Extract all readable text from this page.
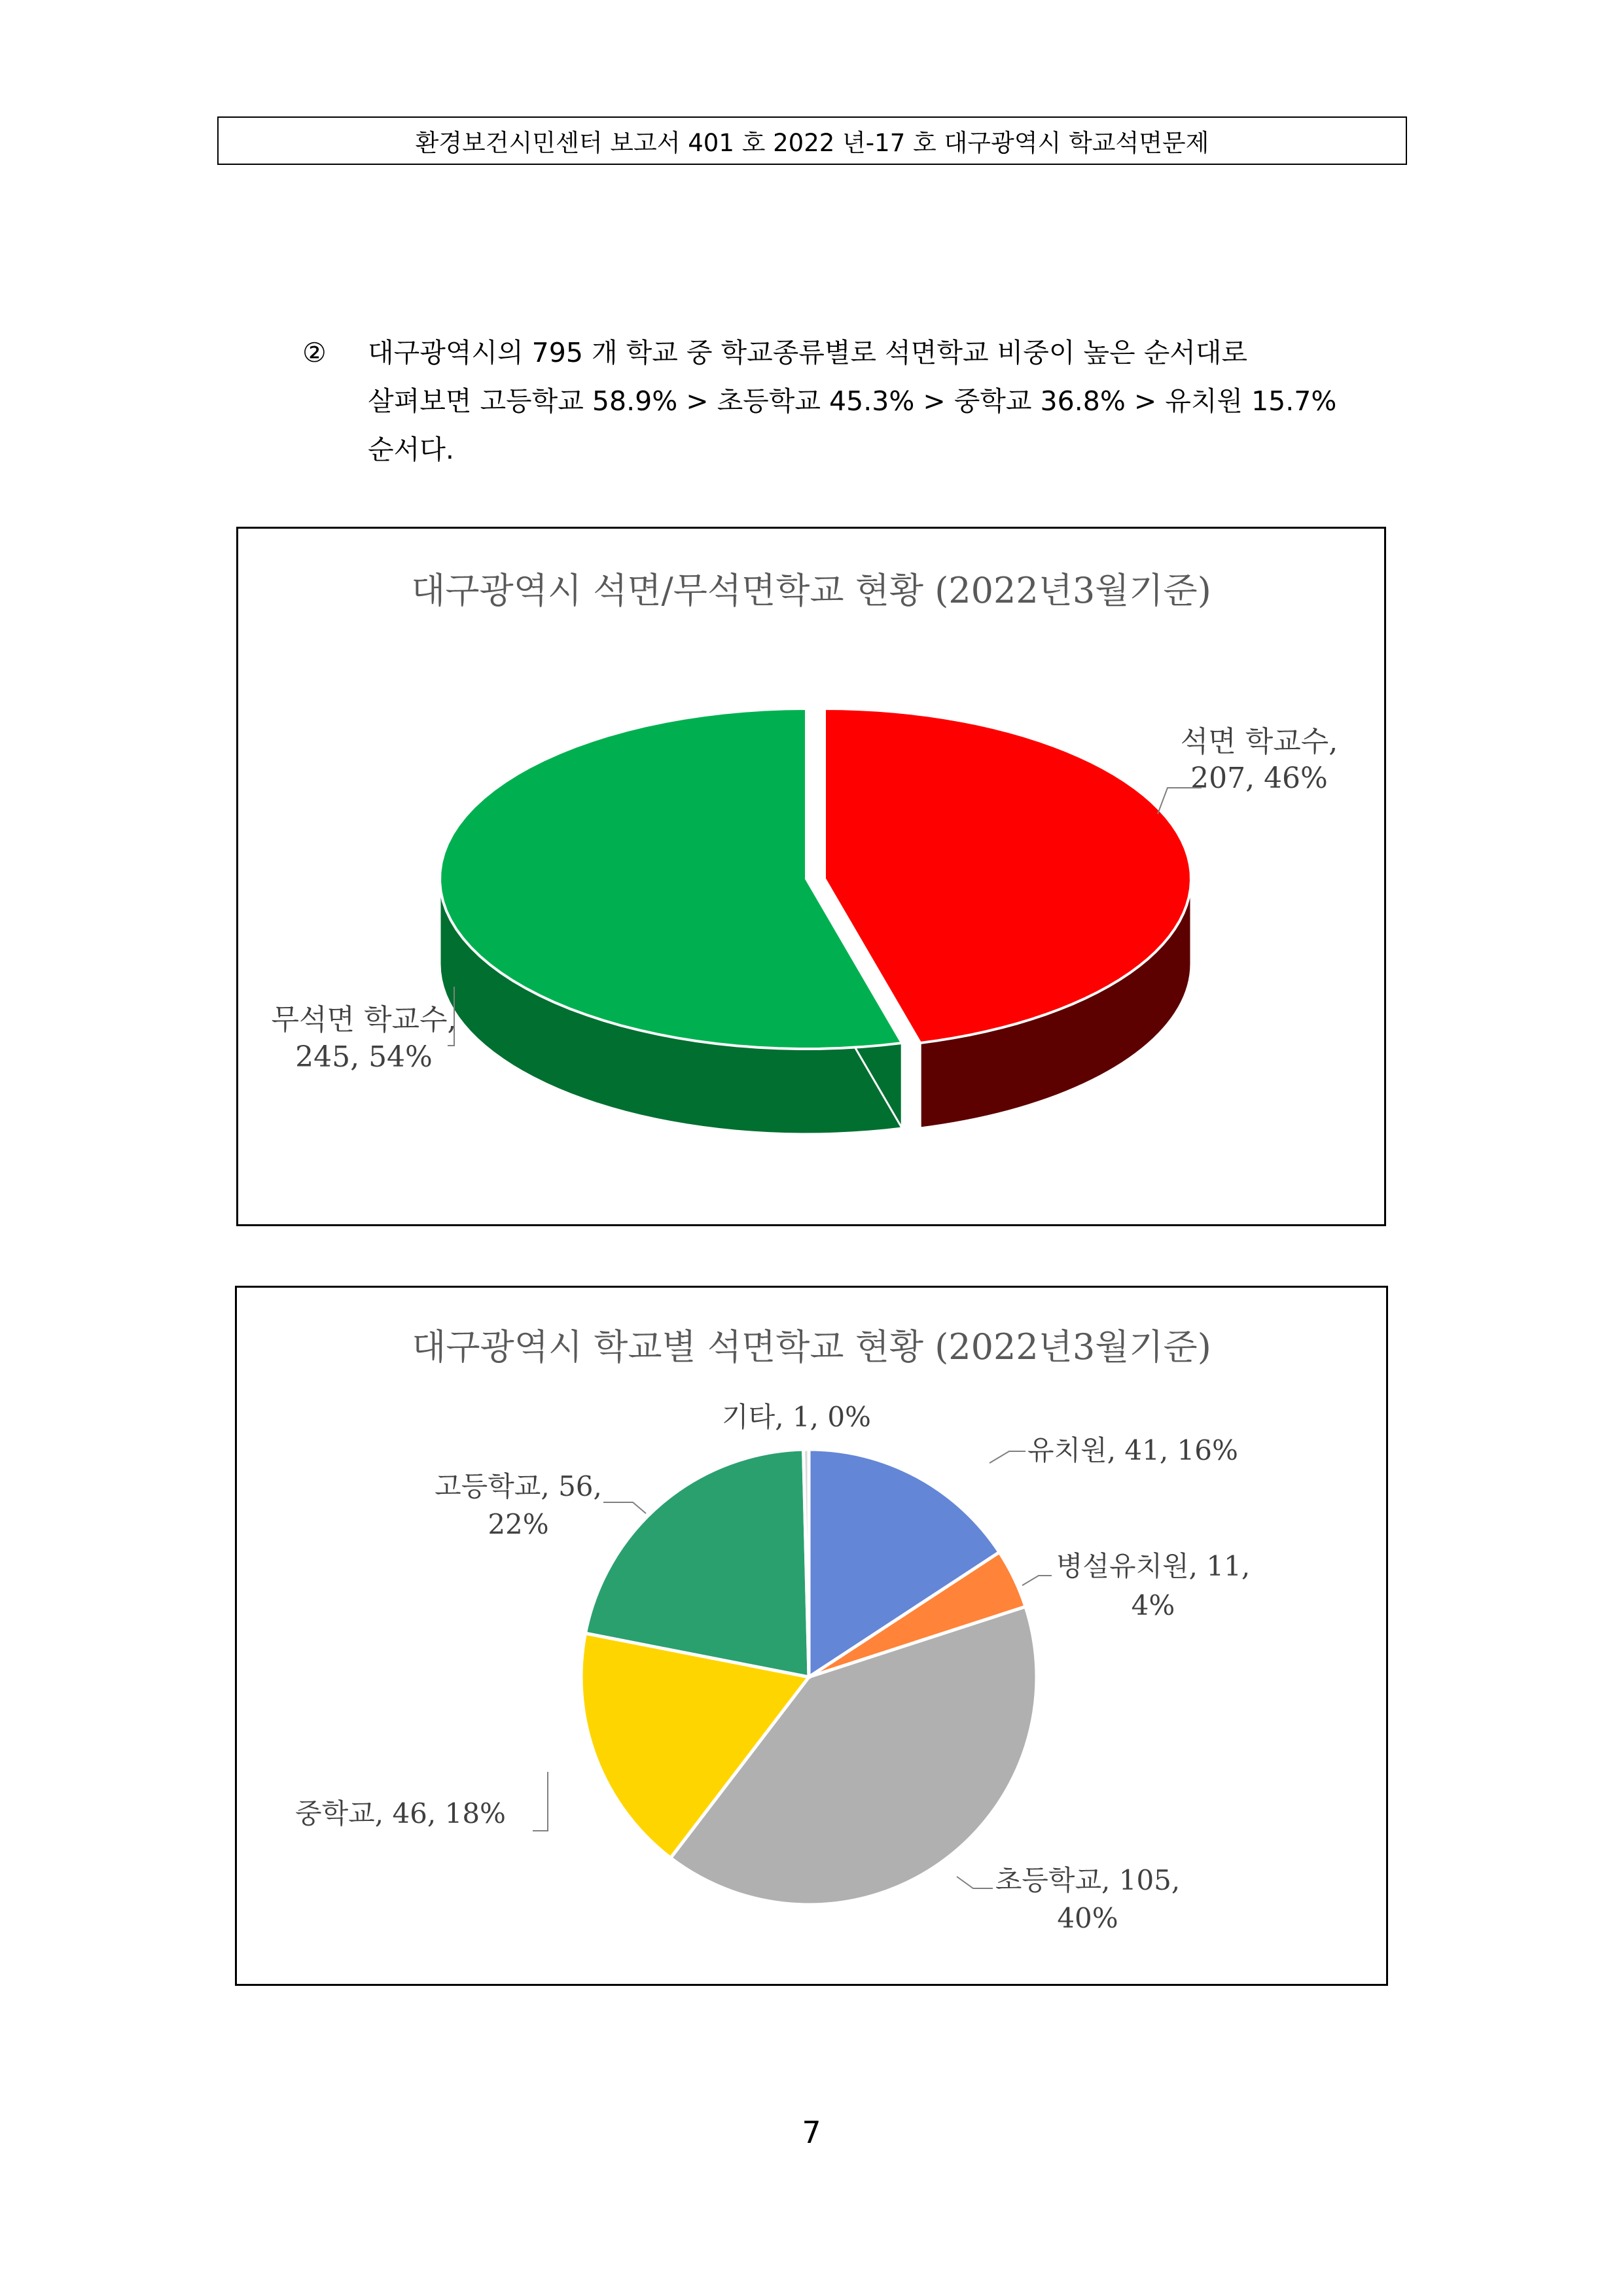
환경보건시민센터 보고서 401 호 2022 년-17 호 대구광역시 학교석면문제
② 대구광역시의 795 개 학교 중 학교종류별로 석면학교 비중이 높은 순서대로
살펴보면 고등학교 58.9% > 초등학교 45.3% > 중학교 36.8% > 유치원 15.7%
순서다.
대구광역시 석면/무석면학교 현황 (2022년3월기준)
석면 학교수,
207, 46%
무석면 학교수,
245, 54%
대구광역시 학교별 석면학교 현황 (2022년3월기준)
유치원, 41, 16%
병설유치원, 11,
4%
초등학교, 105,
40%
중학교, 46, 18%
고등학교, 56,
22%
기타, 1, 0%
7
